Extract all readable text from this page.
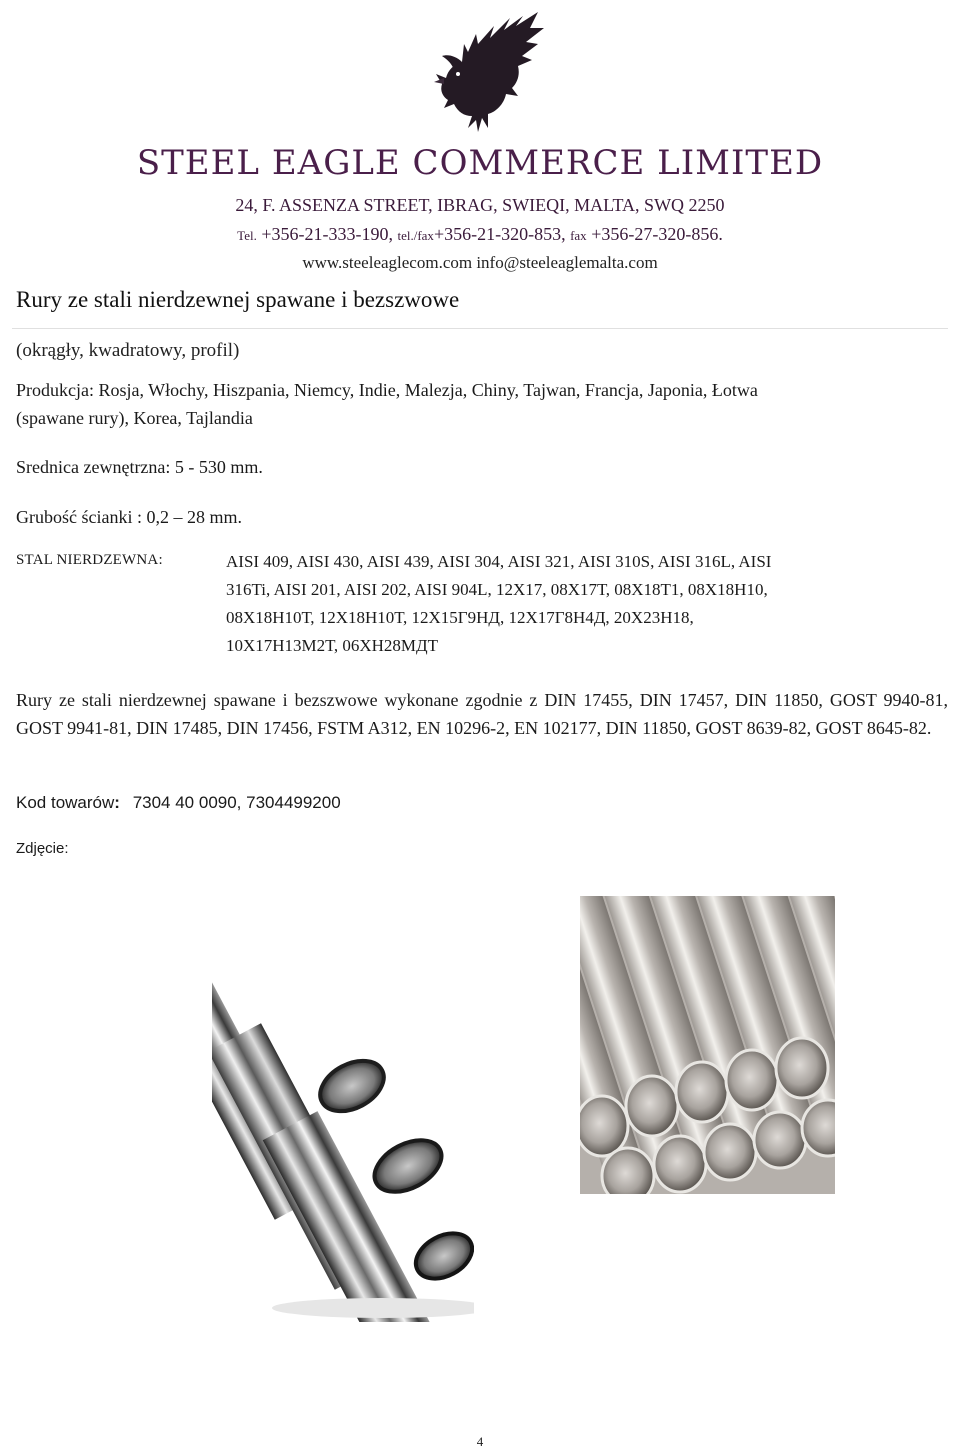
STEEL EAGLE COMMERCE LIMITED
24, F. ASSENZA STREET, IBRAG, SWIEQI, MALTA, SWQ 2250
Tel. +356-21-333-190, tel./fax+356-21-320-853, fax +356-27-320-856.
www.steeleaglecom.com info@steeleaglemalta.com
Rury ze stali nierdzewnej spawane i bezszwowe
(okrągły, kwadratowy, profil)
Produkcja: Rosja, Włochy, Hiszpania, Niemcy, Indie, Malezja, Chiny, Tajwan, Francja, Japonia, Łotwa
(spawane rury), Korea, Tajlandia
Srednica zewnętrzna: 5 - 530 mm.
Grubość ścianki : 0,2 – 28 mm.
STAL NIERDZEWNA:	AISI 409, AISI 430, AISI 439, AISI 304, AISI 321, AISI 310S, AISI 316L, AISI
316Ti, AISI 201, AISI 202, AISI 904L, 12Х17, 08Х17Т, 08Х18Т1, 08Х18Н10,
08Х18Н10Т, 12Х18Н10Т, 12Х15Г9НД, 12Х17Г8Н4Д, 20Х23Н18,
10Х17Н13М2Т, 06ХН28МДТ
Rury ze stali nierdzewnej spawane i bezszwowe wykonane zgodnie z DIN 17455, DIN 17457, DIN 11850, GOST 9940-81, GOST 9941-81, DIN 17485, DIN 17456, FSTM A312, EN 10296-2, EN 102177, DIN 11850, GOST 8639-82, GOST 8645-82.
Kod towarów: 7304 40 0090, 7304499200
Zdjęcie:
4
